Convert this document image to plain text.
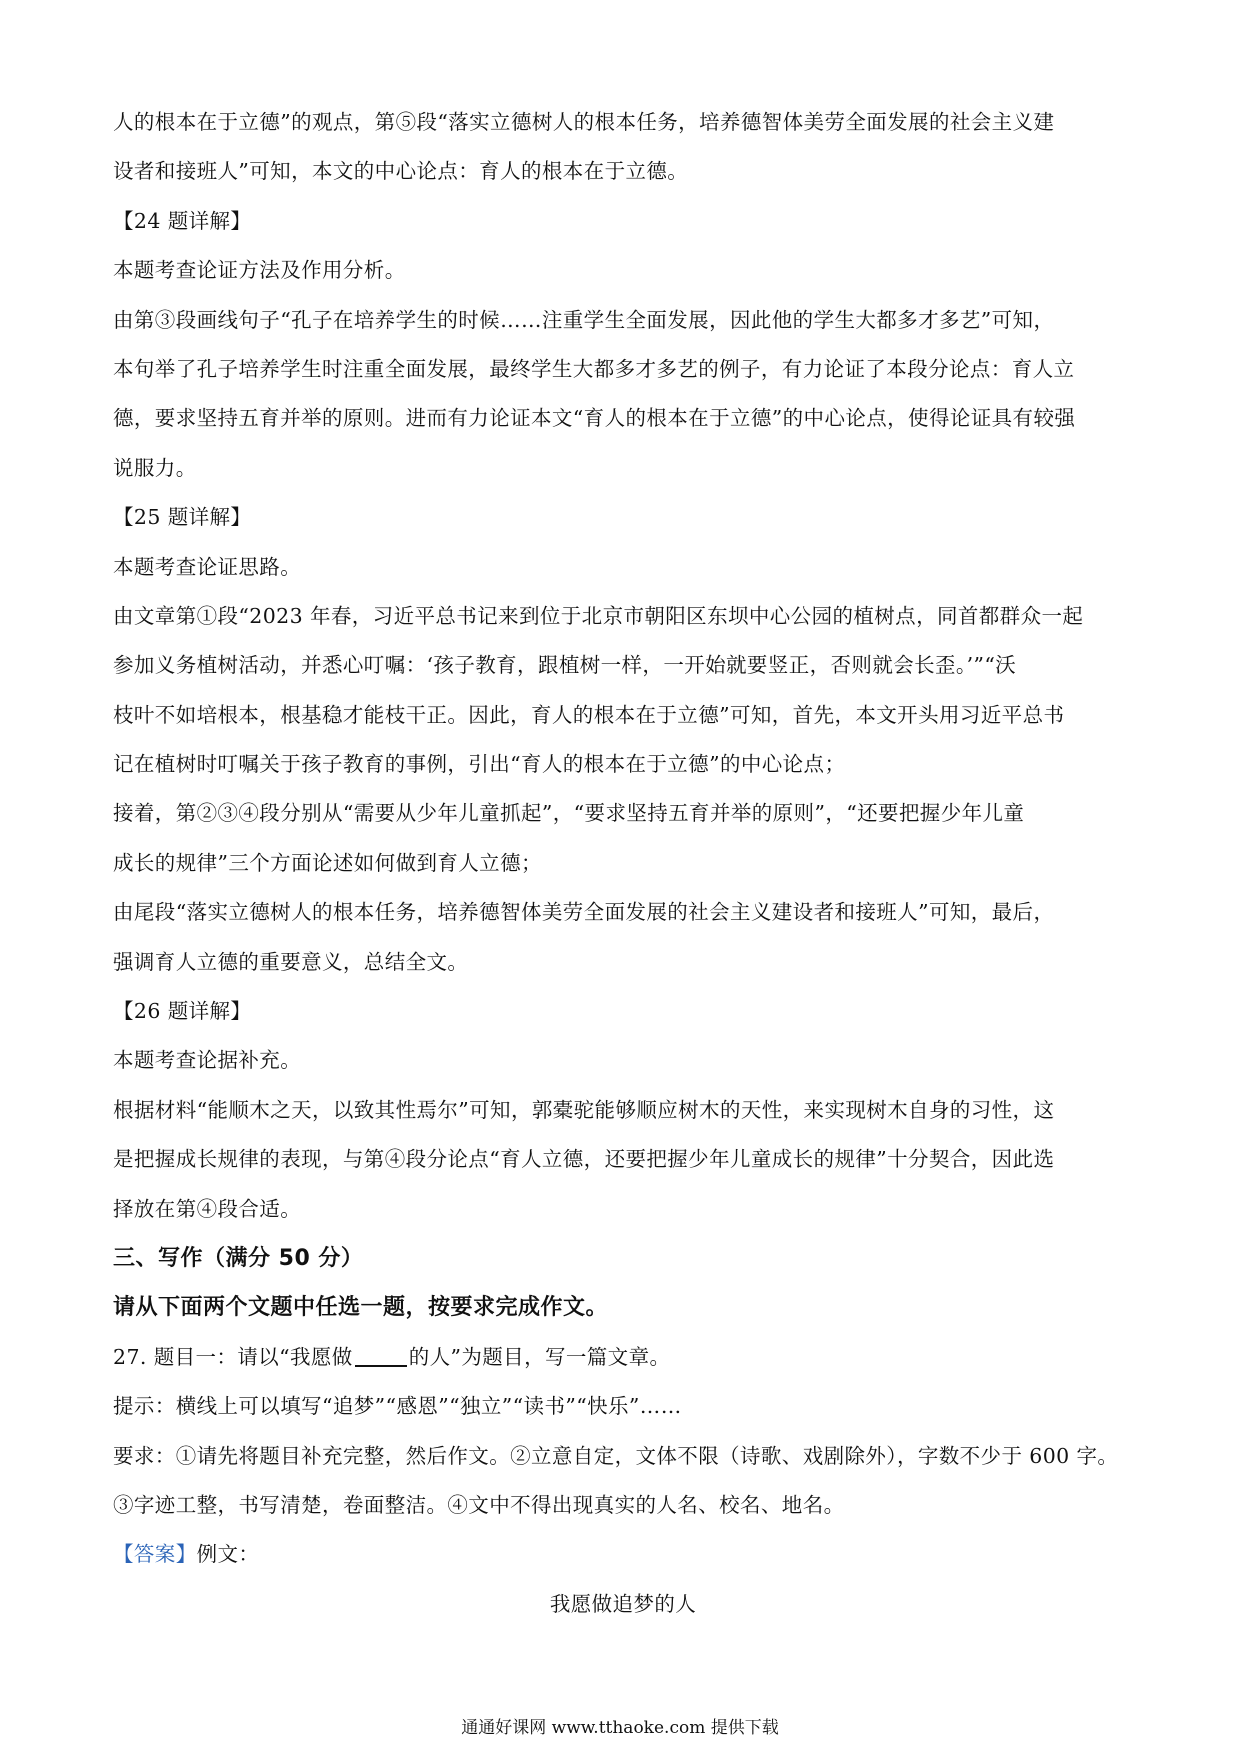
人的根本在于立德”的观点，第⑤段“落实立德树人的根本任务，培养德智体美劳全面发展的社会主义建
设者和接班人”可知，本文的中心论点：育人的根本在于立德。
【24 题详解】
本题考查论证方法及作用分析。
由第③段画线句子“孔子在培养学生的时候……注重学生全面发展，因此他的学生大都多才多艺”可知，
本句举了孔子培养学生时注重全面发展，最终学生大都多才多艺的例子，有力论证了本段分论点：育人立
德，要求坚持五育并举的原则。进而有力论证本文“育人的根本在于立德”的中心论点，使得论证具有较强
说服力。
【25 题详解】
本题考查论证思路。
由文章第①段“2023 年春，习近平总书记来到位于北京市朝阳区东坝中心公园的植树点，同首都群众一起
参加义务植树活动，并悉心叮嘱：‘孩子教育，跟植树一样，一开始就要竖正，否则就会长歪。’”“沃
枝叶不如培根本，根基稳才能枝干正。因此，育人的根本在于立德”可知，首先，本文开头用习近平总书
记在植树时叮嘱关于孩子教育的事例，引出“育人的根本在于立德”的中心论点；
接着，第②③④段分别从“需要从少年儿童抓起”，“要求坚持五育并举的原则”，“还要把握少年儿童
成长的规律”三个方面论述如何做到育人立德；
由尾段“落实立德树人的根本任务，培养德智体美劳全面发展的社会主义建设者和接班人”可知，最后，
强调育人立德的重要意义，总结全文。
【26 题详解】
本题考查论据补充。
根据材料“能顺木之天，以致其性焉尔”可知，郭橐驼能够顺应树木的天性，来实现树木自身的习性，这
是把握成长规律的表现，与第④段分论点“育人立德，还要把握少年儿童成长的规律”十分契合，因此选
择放在第④段合适。
三、写作（满分 50 分）
请从下面两个文题中任选一题，按要求完成作文。
27. 题目一：请以“我愿做	的人”为题目，写一篇文章。
提示：横线上可以填写“追梦”“感恩”“独立”“读书”“快乐”……
要求：①请先将题目补充完整，然后作文。②立意自定，文体不限（诗歌、戏剧除外），字数不少于 600 字。
③字迹工整，书写清楚，卷面整洁。④文中不得出现真实的人名、校名、地名。
【答案】例文：
我愿做追梦的人
通通好课网 www.tthaoke.com 提供下载
